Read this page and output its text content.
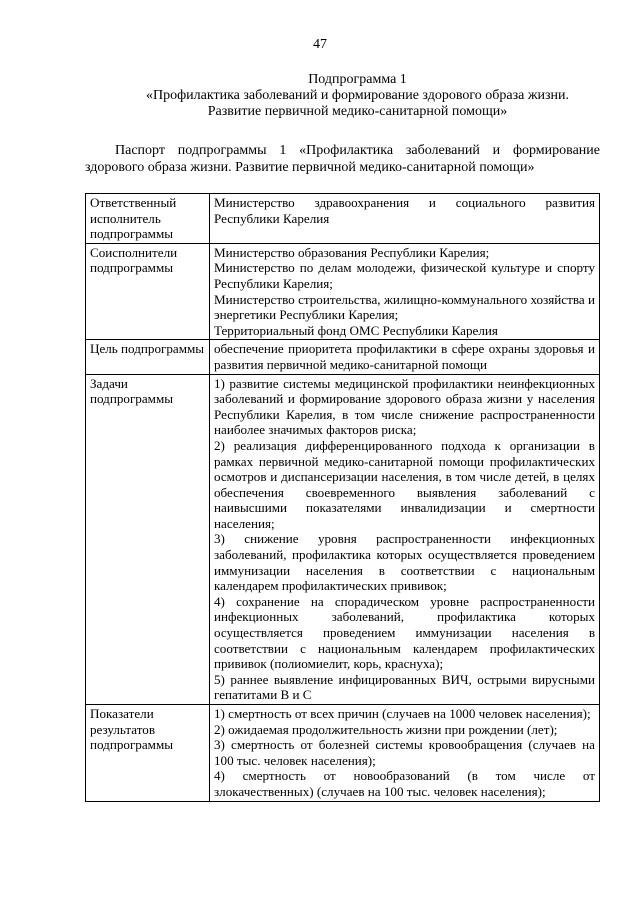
47
Подпрограмма 1
«Профилактика заболеваний и формирование здорового образа жизни.
Развитие первичной медико-санитарной помощи»
Паспорт подпрограммы 1 «Профилактика заболеваний и формирование здорового образа жизни. Развитие первичной медико-санитарной помощи»
Ответственный исполнитель подпрограммы	Министерство здравоохранения и социального развития Республики Карелия

Соисполнители подпрограммы	Министерство образования Республики Карелия;
Министерство по делам молодежи, физической культуре и спорту Республики Карелия;
Министерство строительства, жилищно-коммунального хозяйства и энергетики Республики Карелия;
Территориальный фонд ОМС Республики Карелия

Цель подпрограммы	обеспечение приоритета профилактики в сфере охраны здоровья и развития первичной медико-санитарной помощи

Задачи подпрограммы	1) развитие системы медицинской профилактики неинфекционных заболеваний и формирование здорового образа жизни у населения Республики Карелия, в том числе снижение распространенности наиболее значимых факторов риска;
2) реализация дифференцированного подхода к организации в рамках первичной медико-санитарной помощи профилактических осмотров и диспансеризации населения, в том числе детей, в целях обеспечения своевременного выявления заболеваний с наивысшими показателями инвалидизации и смертности населения;
3) снижение уровня распространенности инфекционных заболеваний, профилактика которых осуществляется проведением иммунизации населения в соответствии с национальным календарем профилактических прививок;
4) сохранение на спорадическом уровне распространенности инфекционных заболеваний, профилактика которых осуществляется проведением иммунизации населения в соответствии с национальным календарем профилактических прививок (полиомиелит, корь, краснуха);
5) раннее выявление инфицированных ВИЧ, острыми вирусными гепатитами B и C

Показатели результатов подпрограммы	1) смертность от всех причин (случаев на 1000 человек населения);
2) ожидаемая продолжительность жизни при рождении (лет);
3) смертность от болезней системы кровообращения (случаев на 100 тыс. человек населения);
4) смертность от новообразований (в том числе от злокачественных) (случаев на 100 тыс. человек населения);
